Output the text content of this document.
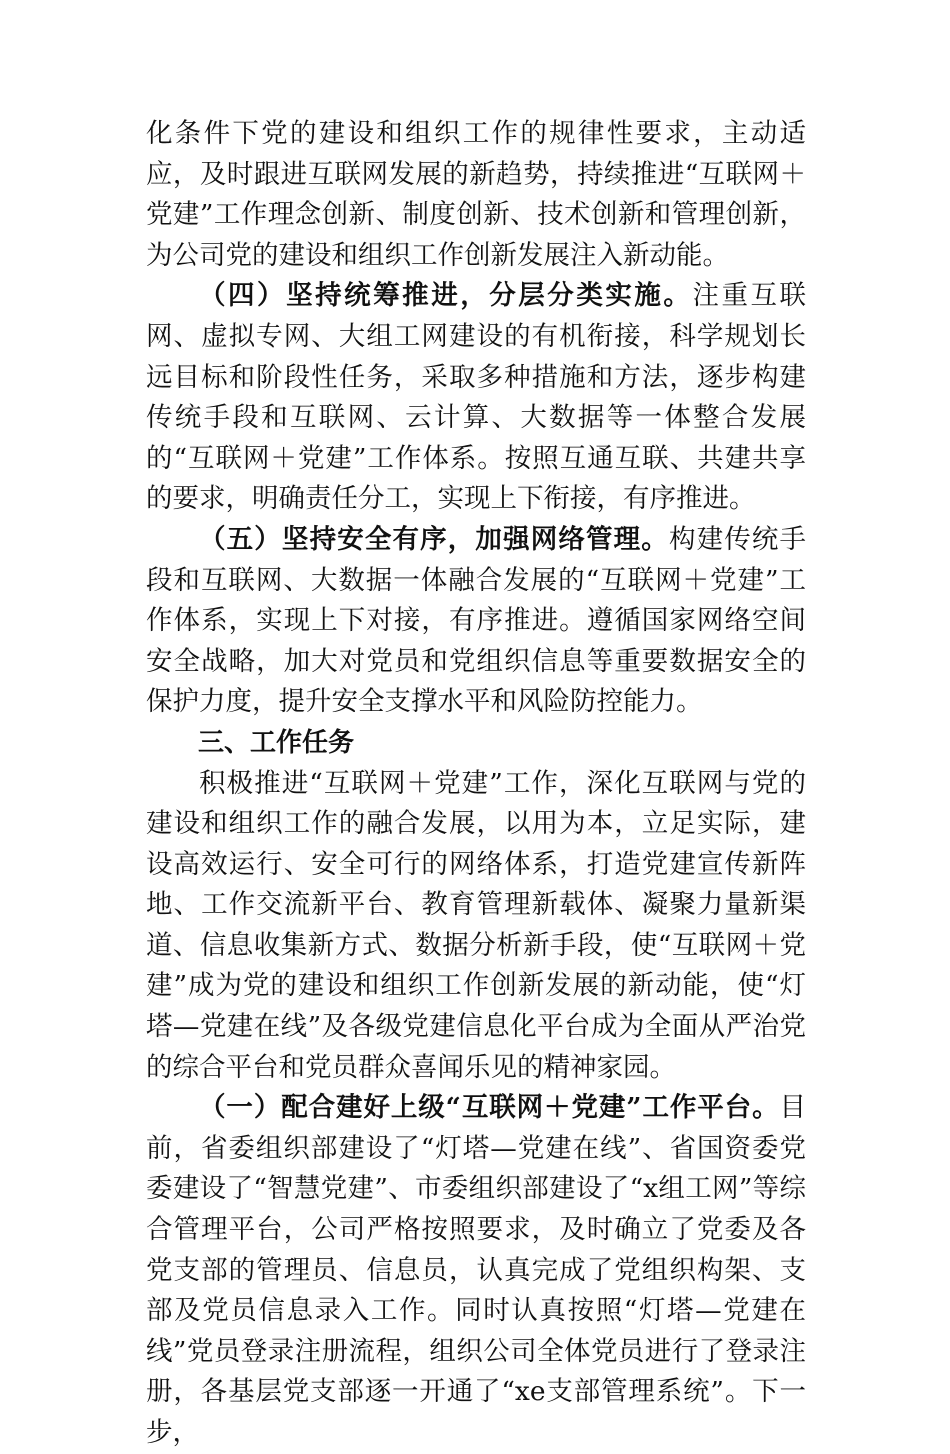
化条件下党的建设和组织工作的规律性要求，主动适应，及时跟进互联网发展的新趋势，持续推进“互联网＋党建”工作理念创新、制度创新、技术创新和管理创新，为公司党的建设和组织工作创新发展注入新动能。

（四）坚持统筹推进，分层分类实施。注重互联网、虚拟专网、大组工网建设的有机衔接，科学规划长远目标和阶段性任务，采取多种措施和方法，逐步构建传统手段和互联网、云计算、大数据等一体整合发展的“互联网＋党建”工作体系。按照互通互联、共建共享的要求，明确责任分工，实现上下衔接，有序推进。

（五）坚持安全有序，加强网络管理。构建传统手段和互联网、大数据一体融合发展的“互联网＋党建”工作体系，实现上下对接，有序推进。遵循国家网络空间安全战略，加大对党员和党组织信息等重要数据安全的保护力度，提升安全支撑水平和风险防控能力。

三、工作任务

积极推进“互联网＋党建”工作，深化互联网与党的建设和组织工作的融合发展，以用为本，立足实际，建设高效运行、安全可行的网络体系，打造党建宣传新阵地、工作交流新平台、教育管理新载体、凝聚力量新渠道、信息收集新方式、数据分析新手段，使“互联网＋党建”成为党的建设和组织工作创新发展的新动能，使“灯塔—党建在线”及各级党建信息化平台成为全面从严治党的综合平台和党员群众喜闻乐见的精神家园。

（一）配合建好上级“互联网＋党建”工作平台。目前，省委组织部建设了“灯塔—党建在线”、省国资委党委建设了“智慧党建”、市委组织部建设了“x组工网”等综合管理平台，公司严格按照要求，及时确立了党委及各党支部的管理员、信息员，认真完成了党组织构架、支部及党员信息录入工作。同时认真按照“灯塔—党建在线”党员登录注册流程，组织公司全体党员进行了登录注册，各基层党支部逐一开通了“xe支部管理系统”。下一步，
